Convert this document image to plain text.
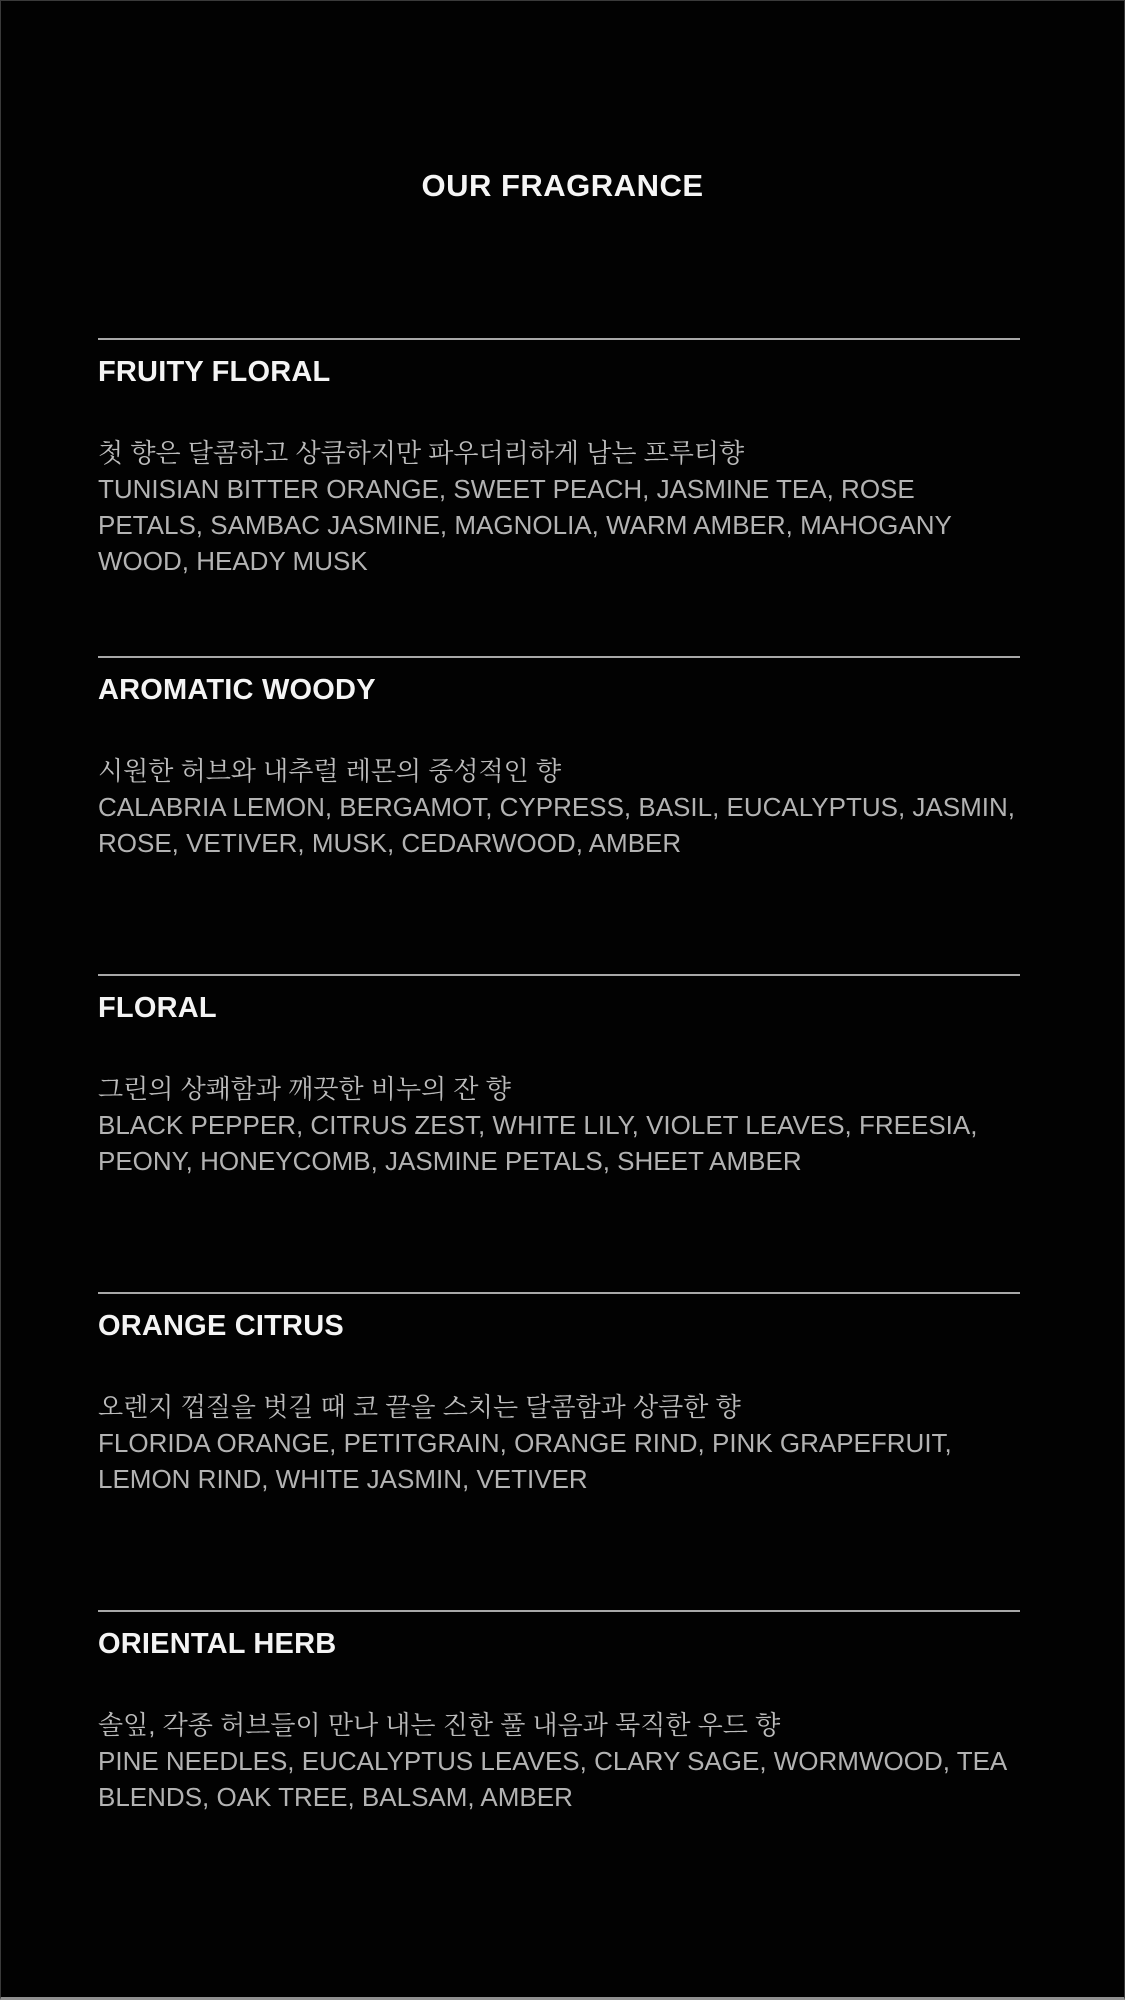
OUR FRAGRANCE
FRUITY FLORAL
첫 향은 달콤하고 상큼하지만 파우더리하게 남는 프루티향
TUNISIAN BITTER ORANGE, SWEET PEACH, JASMINE TEA, ROSE
PETALS, SAMBAC JASMINE, MAGNOLIA, WARM AMBER, MAHOGANY
WOOD, HEADY MUSK
AROMATIC WOODY
시원한 허브와 내추럴 레몬의 중성적인 향
CALABRIA LEMON, BERGAMOT, CYPRESS, BASIL, EUCALYPTUS, JASMIN,
ROSE, VETIVER, MUSK, CEDARWOOD, AMBER
FLORAL
그린의 상쾌함과 깨끗한 비누의 잔 향
BLACK PEPPER, CITRUS ZEST, WHITE LILY, VIOLET LEAVES, FREESIA,
PEONY, HONEYCOMB, JASMINE PETALS, SHEET AMBER
ORANGE CITRUS
오렌지 껍질을 벗길 때 코 끝을 스치는 달콤함과 상큼한 향
FLORIDA ORANGE, PETITGRAIN, ORANGE RIND, PINK GRAPEFRUIT,
LEMON RIND, WHITE JASMIN, VETIVER
ORIENTAL HERB
솔잎, 각종 허브들이 만나 내는 진한 풀 내음과 묵직한 우드 향
PINE NEEDLES, EUCALYPTUS LEAVES, CLARY SAGE, WORMWOOD, TEA
BLENDS, OAK TREE, BALSAM, AMBER
